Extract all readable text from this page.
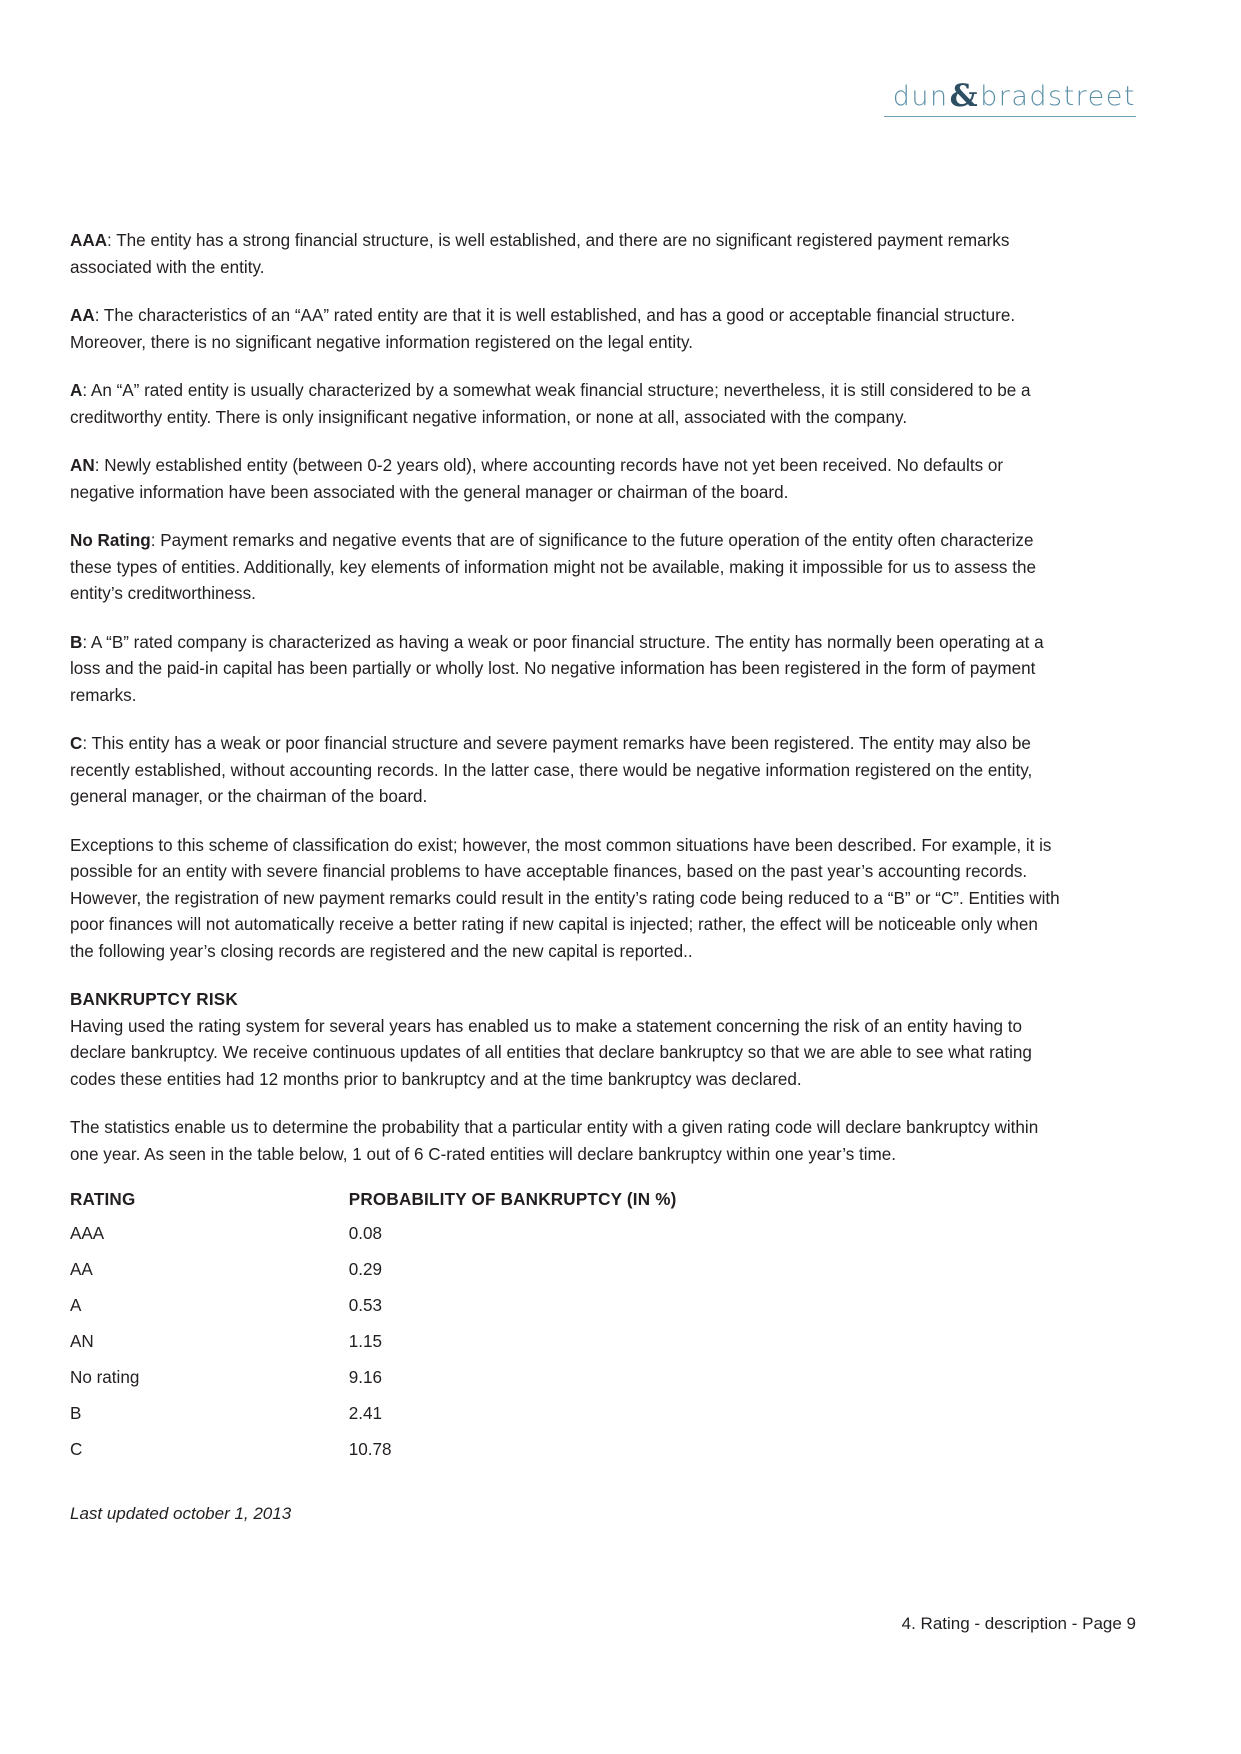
dun & bradstreet

AAA: The entity has a strong financial structure, is well established, and there are no significant registered payment remarks associated with the entity.

AA: The characteristics of an “AA” rated entity are that it is well established, and has a good or acceptable financial structure. Moreover, there is no significant negative information registered on the legal entity.

A: An “A” rated entity is usually characterized by a somewhat weak financial structure; nevertheless, it is still considered to be a creditworthy entity. There is only insignificant negative information, or none at all, associated with the company.

AN: Newly established entity (between 0-2 years old), where accounting records have not yet been received. No defaults or negative information have been associated with the general manager or chairman of the board.

No Rating: Payment remarks and negative events that are of significance to the future operation of the entity often characterize these types of entities. Additionally, key elements of information might not be available, making it impossible for us to assess the entity’s creditworthiness.

B: A “B” rated company is characterized as having a weak or poor financial structure. The entity has normally been operating at a loss and the paid-in capital has been partially or wholly lost. No negative information has been registered in the form of payment remarks.

C: This entity has a weak or poor financial structure and severe payment remarks have been registered. The entity may also be recently established, without accounting records. In the latter case, there would be negative information registered on the entity, general manager, or the chairman of the board.

Exceptions to this scheme of classification do exist; however, the most common situations have been described. For example, it is possible for an entity with severe financial problems to have acceptable finances, based on the past year’s accounting records. However, the registration of new payment remarks could result in the entity’s rating code being reduced to a “B” or “C”. Entities with poor finances will not automatically receive a better rating if new capital is injected; rather, the effect will be noticeable only when the following year’s closing records are registered and the new capital is reported..

BANKRUPTCY RISK

Having used the rating system for several years has enabled us to make a statement concerning the risk of an entity having to declare bankruptcy. We receive continuous updates of all entities that declare bankruptcy so that we are able to see what rating codes these entities had 12 months prior to bankruptcy and at the time bankruptcy was declared.

The statistics enable us to determine the probability that a particular entity with a given rating code will declare bankruptcy within one year. As seen in the table below, 1 out of 6 C-rated entities will declare bankruptcy within one year’s time.

RATING	PROBABILITY OF BANKRUPTCY (IN %)
AAA	0.08
AA	0.29
A	0.53
AN	1.15
No rating	9.16
B	2.41
C	10.78
Last updated october 1, 2013
4. Rating - description - Page 9
